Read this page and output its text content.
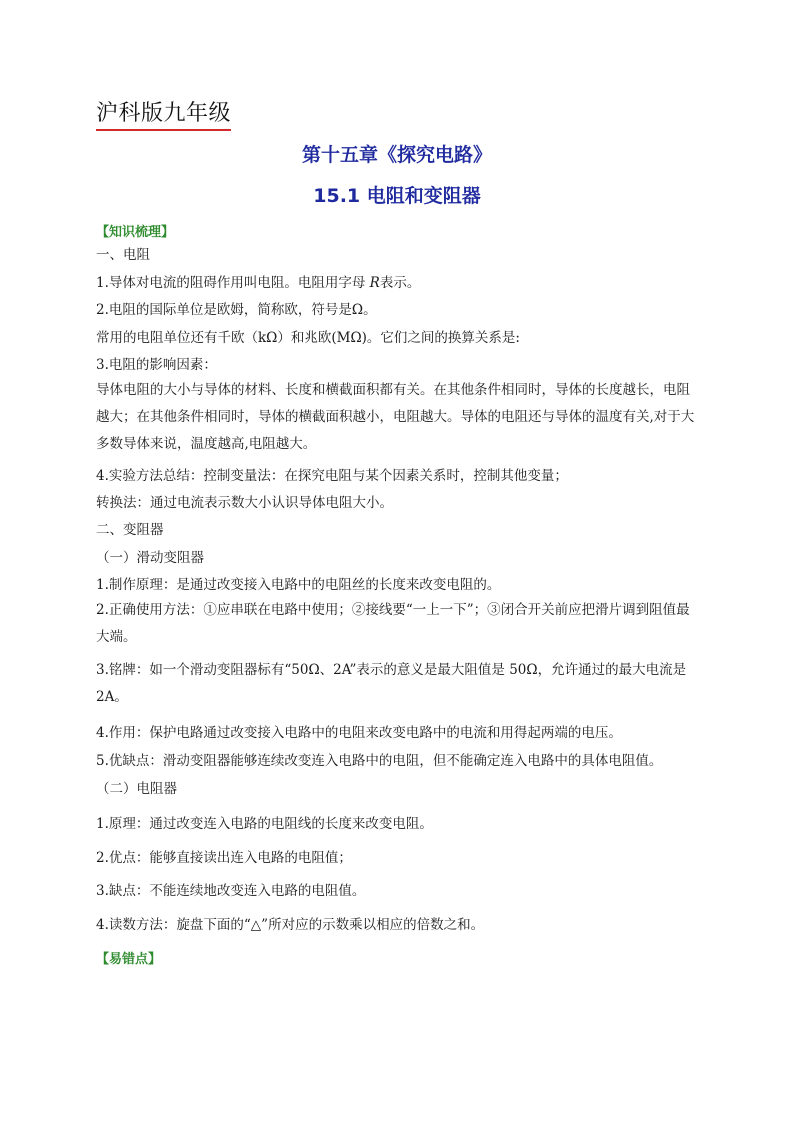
沪科版九年级
第十五章《探究电路》
15.1 电阻和变阻器
【知识梳理】
一、电阻
1.导体对电流的阻碍作用叫电阻。电阻用字母 R表示。
2.电阻的国际单位是欧姆，简称欧，符号是Ω。
常用的电阻单位还有千欧（kΩ）和兆欧(MΩ)。它们之间的换算关系是:
3.电阻的影响因素：
导体电阻的大小与导体的材料、长度和横截面积都有关。在其他条件相同时，导体的长度越长，电阻越大；在其他条件相同时，导体的横截面积越小，电阻越大。导体的电阻还与导体的温度有关,对于大多数导体来说，温度越高,电阻越大。
4.实验方法总结：控制变量法：在探究电阻与某个因素关系时，控制其他变量；
转换法：通过电流表示数大小认识导体电阻大小。
二、变阻器
（一）滑动变阻器
1.制作原理：是通过改变接入电路中的电阻丝的长度来改变电阻的。
2.正确使用方法：①应串联在电路中使用；②接线要“一上一下”；③闭合开关前应把滑片调到阻值最大端。
3.铭牌：如一个滑动变阻器标有“50Ω、2A”表示的意义是最大阻值是 50Ω，允许通过的最大电流是 2A。
4.作用：保护电路通过改变接入电路中的电阻来改变电路中的电流和用得起两端的电压。
5.优缺点：滑动变阻器能够连续改变连入电路中的电阻，但不能确定连入电路中的具体电阻值。
（二）电阻器
1.原理：通过改变连入电路的电阻线的长度来改变电阻。
2.优点：能够直接读出连入电路的电阻值；
3.缺点：不能连续地改变连入电路的电阻值。
4.读数方法：旋盘下面的“△”所对应的示数乘以相应的倍数之和。
【易错点】
